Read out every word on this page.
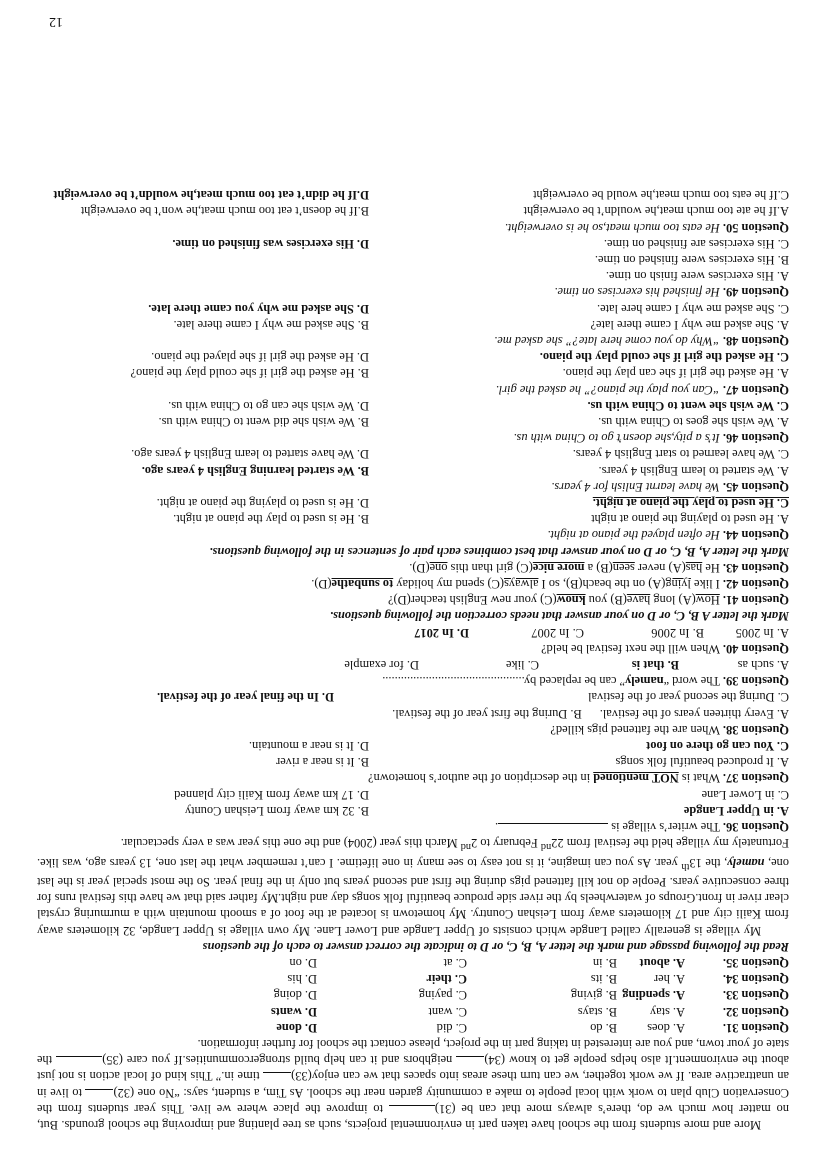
More and more students from the school have taken part in environmental projects, such as tree planting and improving the school grounds. But, no matter how much we do, there’s always more that can be (31) to improve the place where we live. This year students from the Conservation Club plan to work with local people to make a community garden near the school. As Tim, a student, says: “No one (32) to live in an unattractive area. If we work together, we can turn these areas into spaces that we can enjoy(33) time in.” This kind of local action is not just about the environment.It also helps people get to know (34) neighbors and it can help build strongercommunities.If you care (35) the state of your town, and you are interested in taking part in the project, please contact the school for further information.

Question 31.
A. does
B. do
C. did
D. done
Question 32.
A. stay
B. stays
C. want
D. wants
Question 33.
A. spending
B. giving
C. paying
D. doing
Question 34.
A. her
B. its
C. their
D. his
Question 35.
A. about
B. in
C. at
D. on

Read the following passage and mark the letter A, B, C, or D to indicate the correct answer to each of the questions

My village is generally called Langde which consists of Upper Langde and Lower Lane. My own village is Upper Langde, 32 kilometers away from Kaili city and 17 kilometers away from Leishan Country. My hometown is located at the foot of a smooth mountain with a murmuring crystal clear river in front.Groups of waterwheels by the river side produce beautiful folk songs day and night.My father said that we have this festival runs for three consecutive years. People do not kill fattened pigs during the first and second years but only in the final year. So the most special year is the last one, namely, the 13th year. As you can imagine, it is not easy to see many in one lifetime. I can’t remember what the last one, 13 years ago, was like. Fortunately my village held the festival from 22nd February to 2nd March this year (2004) and the one this year was a very spectacular.

Question 36. The writer’s village is .

A. in Upper Langde
B. 32 km away from Leishan County
C. in Lower Lane
D. 17 km away from Kaili city planned

Question 37. What is NOT mentioned in the description of the author’s hometown?

A. It produced beautiful folk songs
B. It is near a river
C. You can go there on foot
D. It is near a mountain.

Question 38. When are the fattened pigs killed?

A. Every thirteen years of the festival.
B. During the first year of the festival.
C. During the second year of the festival
D. In the final year of the festival.

Question 39. The word “namely” can be replaced by..............................................

A. such as
B. that is
C. like
D. for example

Question 40. When will the next festival be held?

A. In 2005
B. In 2006
C. In 2007
D. In 2017

Mark the letter A B, C, or D on your answer that needs correction the following questions.

Question 41. How(A) long have(B) you know(C) your new English teacher(D)?

Question 42. I like lying(A) on the beach(B), so I always(C) spend my holiday to sunbathe(D).

Question 43. He has(A) never seen(B) a more nice(C) girl than this one(D).

Mark the letter A, B, C, or D on your answer that best combines each pair of sentences in the following questions.

Question 44. He often played the piano at night.

A. He used to playing the piano at night
B. He is used to play the piano at night.
C. He used to play the piano at night.
D. He is used to playing the piano at night.

Question 45. We have learnt Enlish for 4 years.

A. We started to learn English 4 years.
B. We started learning English 4 years ago.
C. We have learned to start English 4 years.
D. We have started to learn English 4 years ago.

Question 46. It’s a pity,she doesn’t go to China with us.

A. We wish she goes to China with us.
B. We wish she did went to China with us.
C. We wish she went to China with us.
D. We wish she can go to China with us.

Question 47. “Can you play the piano?” he asked the girl.

A. He asked the girl if she can play the piano.
B. He asked the girl if she could play the piano?
C. He asked the girl if she could play the piano.
D. He asked the girl if she played the piano.

Question 48. “Why do you come here late?” she asked me.

A. She asked me why I came there late?
B. She asked me why I came there late.
C. She asked me why I came here late.
D. She asked me why you came there late.

Question 49. He finished his exercises on time.

A. His exercises were finish on time.
B. His exercises were finished on time.
C. His exercises are finished on time.
D. His exercises was finished on time.

Question 50. He eats too much meat,so he is overweight.

A.If he ate too much meat,he wouldn’t be overweight
B.If he doesn’t eat too much meat,he won’t be overweight
C.If he eats too much meat,he would be overweight
D.If he didn’t eat too much meat,he wouldn’t be overweight
12
